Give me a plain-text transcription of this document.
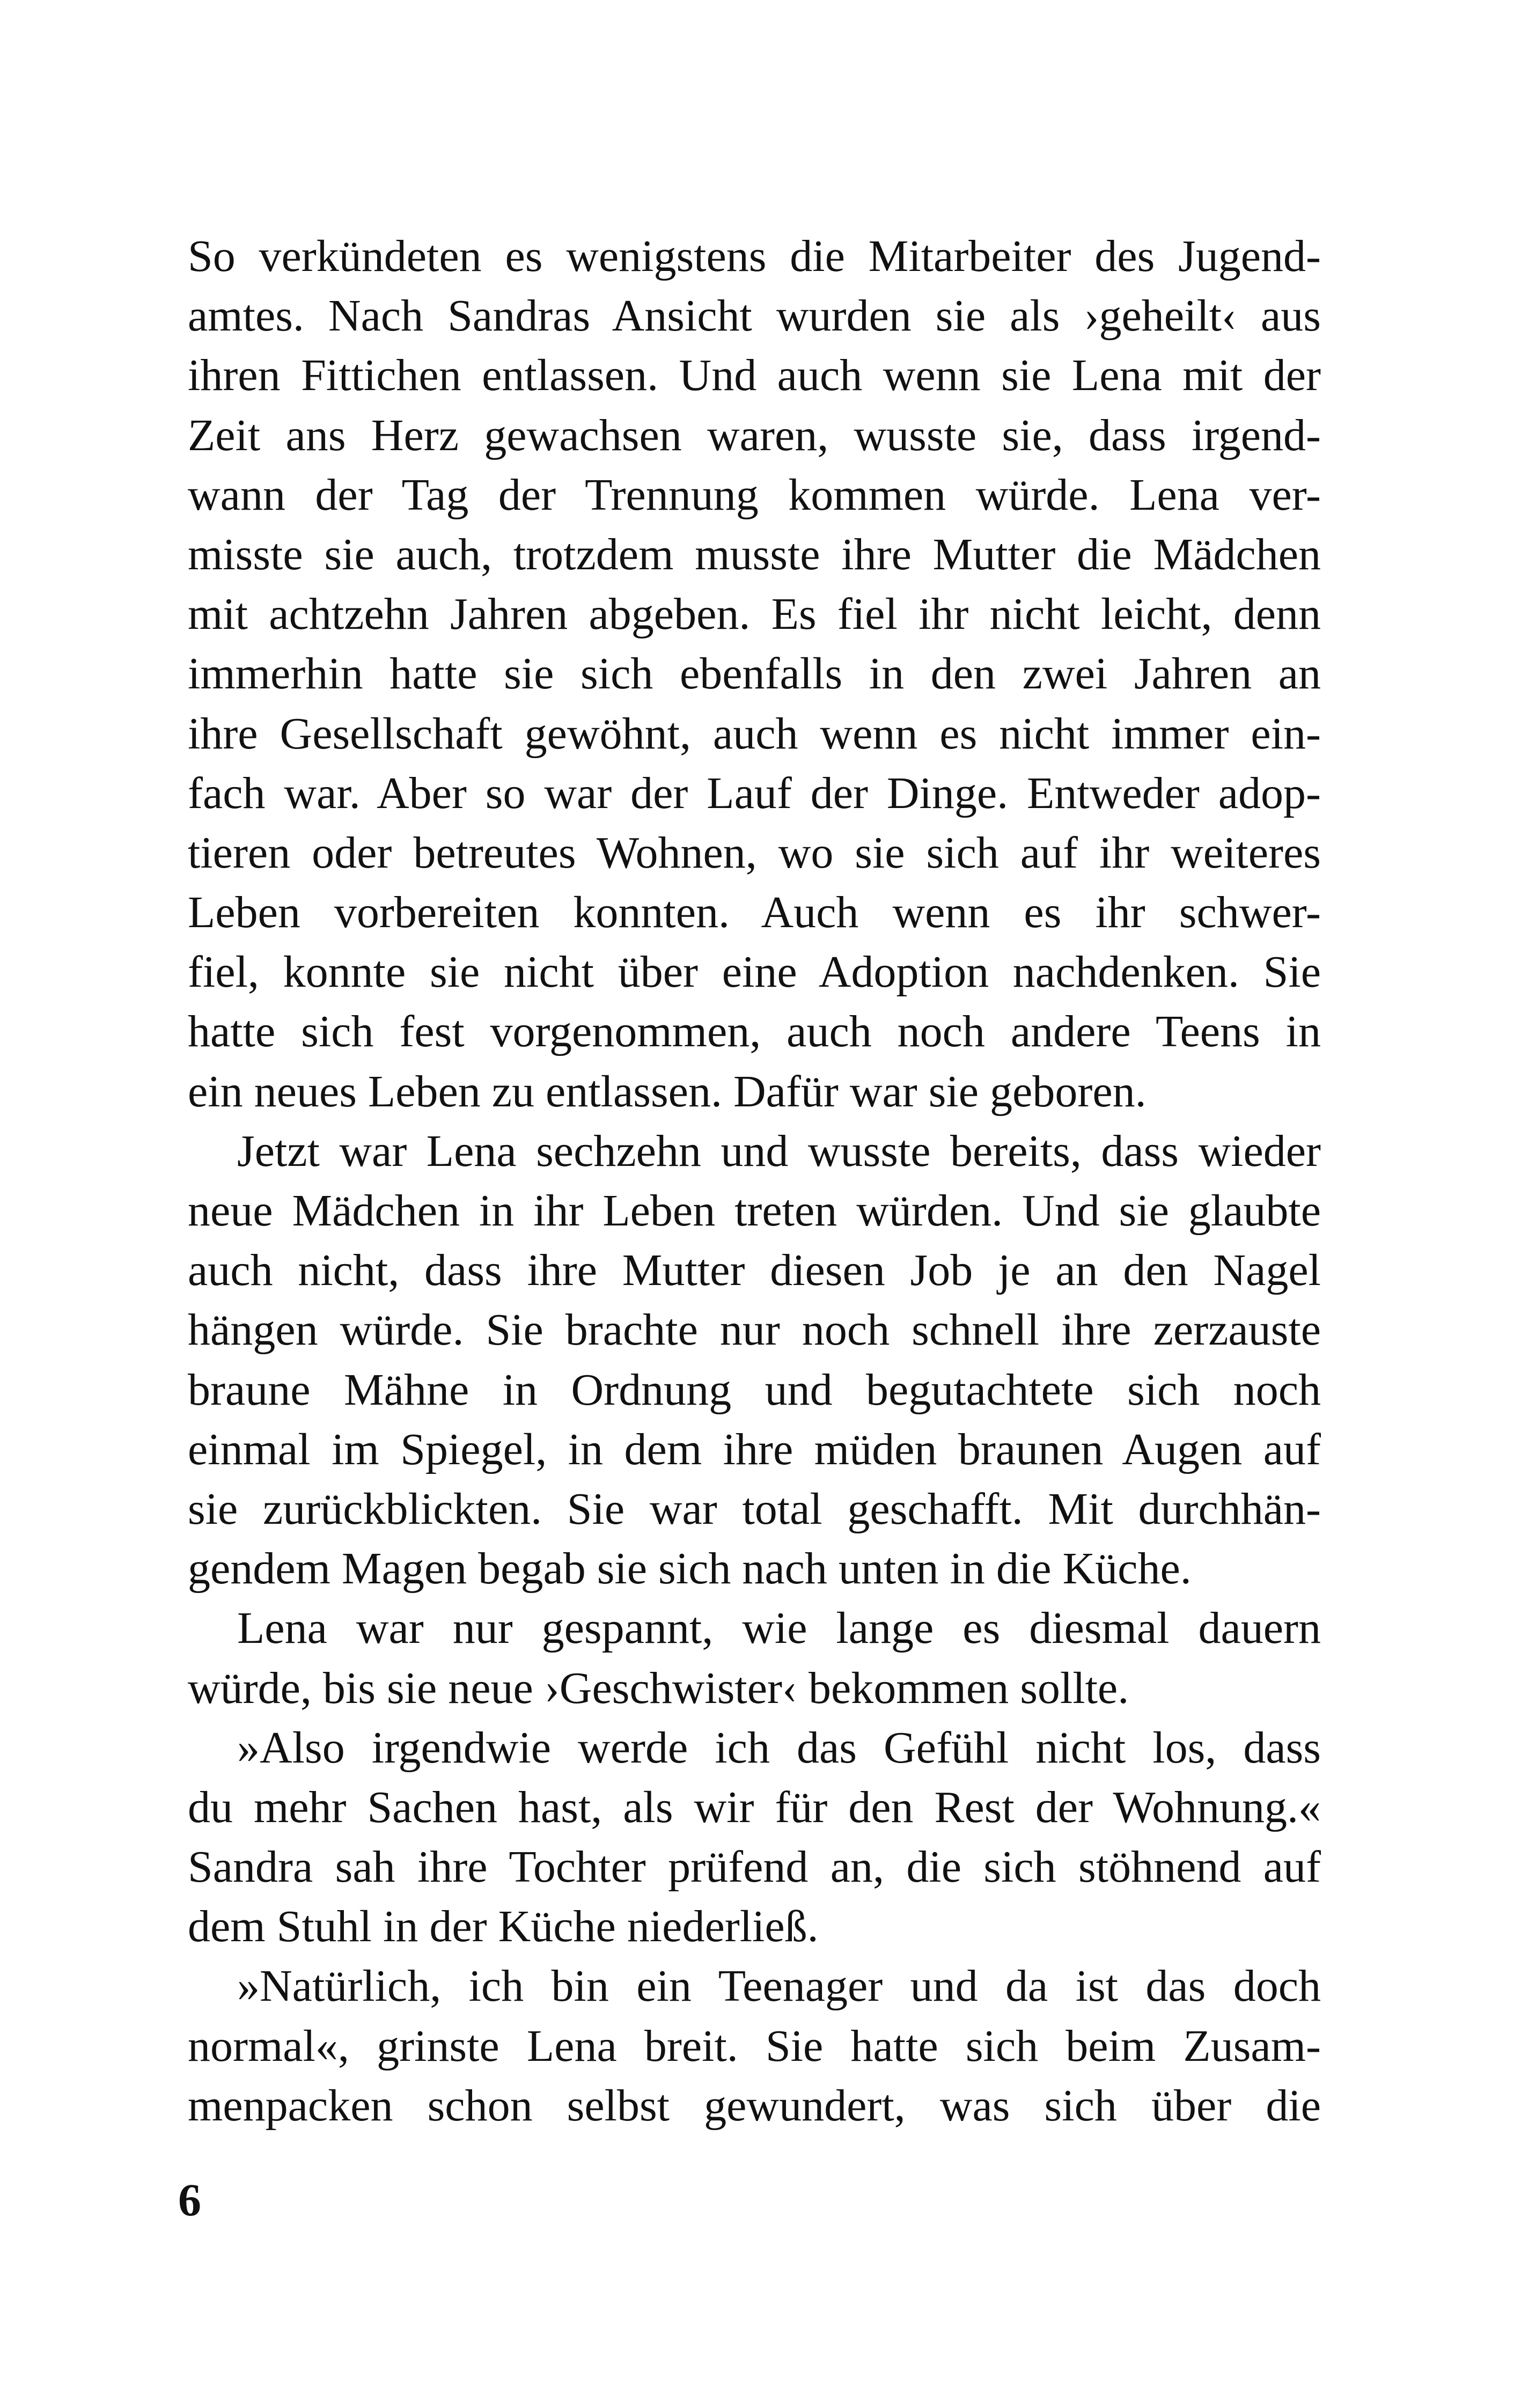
So verkündeten es wenigstens die Mitarbeiter des Jugend-
amtes. Nach Sandras Ansicht wurden sie als ›geheilt‹ aus
ihren Fittichen entlassen. Und auch wenn sie Lena mit der
Zeit ans Herz gewachsen waren, wusste sie, dass irgend-
wann der Tag der Trennung kommen würde. Lena ver-
misste sie auch, trotzdem musste ihre Mutter die Mädchen
mit achtzehn Jahren abgeben. Es fiel ihr nicht leicht, denn
immerhin hatte sie sich ebenfalls in den zwei Jahren an
ihre Gesellschaft gewöhnt, auch wenn es nicht immer ein-
fach war. Aber so war der Lauf der Dinge. Entweder adop-
tieren oder betreutes Wohnen, wo sie sich auf ihr weiteres
Leben vorbereiten konnten. Auch wenn es ihr schwer-
fiel, konnte sie nicht über eine Adoption nachdenken. Sie
hatte sich fest vorgenommen, auch noch andere Teens in
ein neues Leben zu entlassen. Dafür war sie geboren.
Jetzt war Lena sechzehn und wusste bereits, dass wieder
neue Mädchen in ihr Leben treten würden. Und sie glaubte
auch nicht, dass ihre Mutter diesen Job je an den Nagel
hängen würde. Sie brachte nur noch schnell ihre zerzauste
braune Mähne in Ordnung und begutachtete sich noch
einmal im Spiegel, in dem ihre müden braunen Augen auf
sie zurückblickten. Sie war total geschafft. Mit durchhän-
gendem Magen begab sie sich nach unten in die Küche.
Lena war nur gespannt, wie lange es diesmal dauern
würde, bis sie neue ›Geschwister‹ bekommen sollte.
»Also irgendwie werde ich das Gefühl nicht los, dass
du mehr Sachen hast, als wir für den Rest der Wohnung.«
Sandra sah ihre Tochter prüfend an, die sich stöhnend auf
dem Stuhl in der Küche niederließ.
»Natürlich, ich bin ein Teenager und da ist das doch
normal«, grinste Lena breit. Sie hatte sich beim Zusam-
menpacken schon selbst gewundert, was sich über die
6
